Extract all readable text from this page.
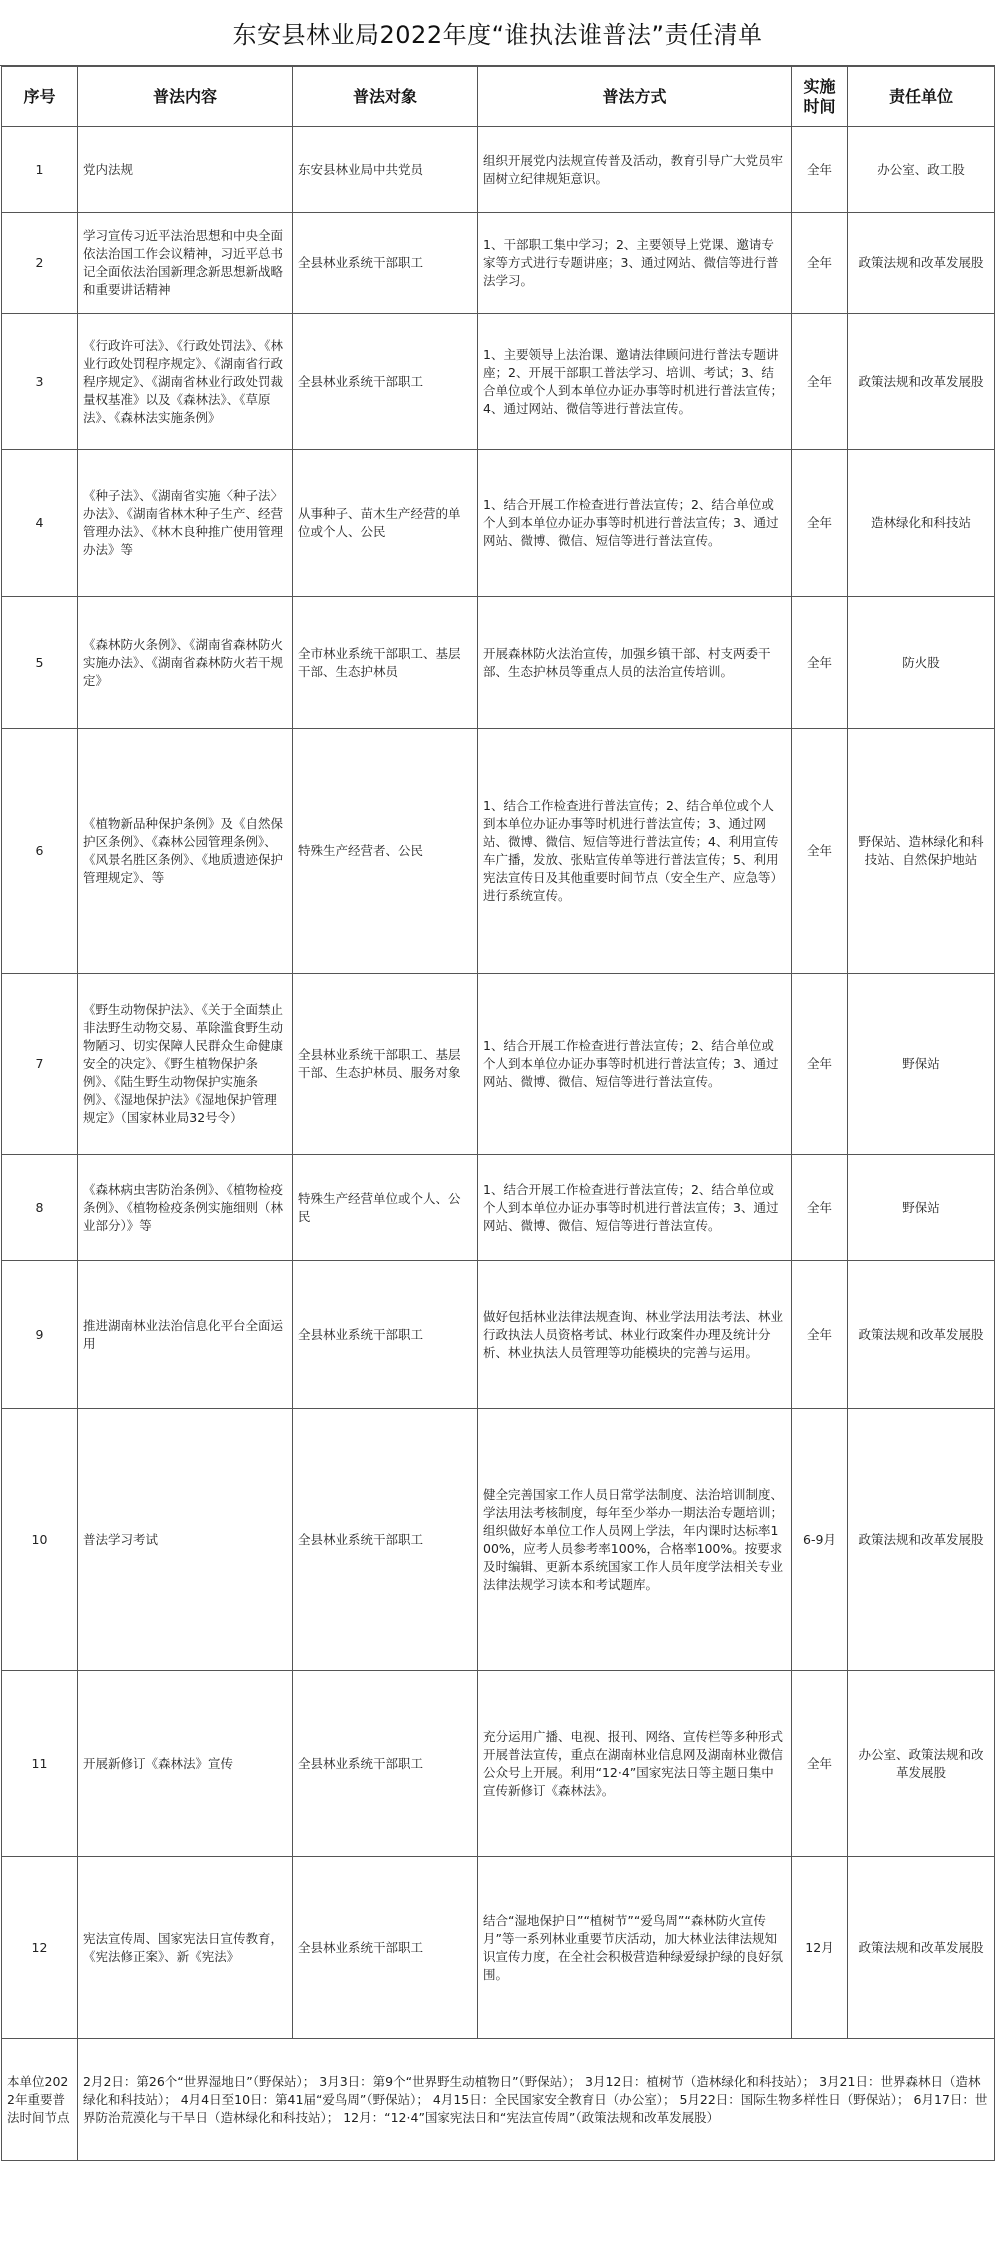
东安县林业局2022年度“谁执法谁普法”责任清单
序号	普法内容	普法对象	普法方式	实施时间	责任单位
1	党内法规	东安县林业局中共党员	组织开展党内法规宣传普及活动，教育引导广大党员牢固树立纪律规矩意识。	全年	办公室、政工股
2	学习宣传习近平法治思想和中央全面依法治国工作会议精神，习近平总书记全面依法治国新理念新思想新战略和重要讲话精神	全县林业系统干部职工	1、干部职工集中学习；2、主要领导上党课、邀请专家等方式进行专题讲座；3、通过网站、微信等进行普法学习。	全年	政策法规和改革发展股
3	《行政许可法》、《行政处罚法》、《林业行政处罚程序规定》、《湖南省行政程序规定》、《湖南省林业行政处罚裁量权基准》以及《森林法》、《草原法》、《森林法实施条例》	全县林业系统干部职工	1、主要领导上法治课、邀请法律顾问进行普法专题讲座；2、开展干部职工普法学习、培训、考试；3、结合单位或个人到本单位办证办事等时机进行普法宣传；4、通过网站、微信等进行普法宣传。	全年	政策法规和改革发展股
4	《种子法》、《湖南省实施〈种子法〉办法》、《湖南省林木种子生产、经营管理办法》、《林木良种推广使用管理办法》等	从事种子、苗木生产经营的单位或个人、公民	1、结合开展工作检查进行普法宣传；2、结合单位或个人到本单位办证办事等时机进行普法宣传；3、通过网站、微博、微信、短信等进行普法宣传。	全年	造林绿化和科技站
5	《森林防火条例》、《湖南省森林防火实施办法》、《湖南省森林防火若干规定》	全市林业系统干部职工、基层干部、生态护林员	开展森林防火法治宣传，加强乡镇干部、村支两委干部、生态护林员等重点人员的法治宣传培训。	全年	防火股
6	《植物新品种保护条例》及《自然保护区条例》、《森林公园管理条例》、《风景名胜区条例》、《地质遗迹保护管理规定》、等	特殊生产经营者、公民	1、结合工作检查进行普法宣传；2、结合单位或个人到本单位办证办事等时机进行普法宣传；3、通过网站、微博、微信、短信等进行普法宣传；4、利用宣传车广播，发放、张贴宣传单等进行普法宣传；5、利用宪法宣传日及其他重要时间节点（安全生产、应急等）进行系统宣传。	全年	野保站、造林绿化和科技站、自然保护地站
7	《野生动物保护法》、《关于全面禁止非法野生动物交易、革除滥食野生动物陋习、切实保障人民群众生命健康安全的决定》、《野生植物保护条例》、《陆生野生动物保护实施条例》、《湿地保护法》《湿地保护管理规定》（国家林业局32号令）	全县林业系统干部职工、基层干部、生态护林员、服务对象	1、结合开展工作检查进行普法宣传；2、结合单位或个人到本单位办证办事等时机进行普法宣传；3、通过网站、微博、微信、短信等进行普法宣传。	全年	野保站
8	《森林病虫害防治条例》、《植物检疫条例》、《植物检疫条例实施细则（林业部分）》等	特殊生产经营单位或个人、公民	1、结合开展工作检查进行普法宣传；2、结合单位或个人到本单位办证办事等时机进行普法宣传；3、通过网站、微博、微信、短信等进行普法宣传。	全年	野保站
9	推进湖南林业法治信息化平台全面运用	全县林业系统干部职工	做好包括林业法律法规查询、林业学法用法考法、林业行政执法人员资格考试、林业行政案件办理及统计分析、林业执法人员管理等功能模块的完善与运用。	全年	政策法规和改革发展股
10	普法学习考试	全县林业系统干部职工	健全完善国家工作人员日常学法制度、法治培训制度、学法用法考核制度，每年至少举办一期法治专题培训；组织做好本单位工作人员网上学法，年内课时达标率100%，应考人员参考率100%，合格率100%。按要求及时编辑、更新本系统国家工作人员年度学法相关专业法律法规学习读本和考试题库。	6-9月	政策法规和改革发展股
11	开展新修订《森林法》宣传	全县林业系统干部职工	充分运用广播、电视、报刊、网络、宣传栏等多种形式开展普法宣传，重点在湖南林业信息网及湖南林业微信公众号上开展。利用“12·4”国家宪法日等主题日集中宣传新修订《森林法》。	全年	办公室、政策法规和改革发展股
12	宪法宣传周、国家宪法日宣传教育，《宪法修正案》、新《宪法》	全县林业系统干部职工	结合“湿地保护日”“植树节”“爱鸟周”“森林防火宣传月”等一系列林业重要节庆活动，加大林业法律法规知识宣传力度，在全社会积极营造种绿爱绿护绿的良好氛围。	12月	政策法规和改革发展股
本单位2022年重要普法时间节点	2月2日：第26个“世界湿地日”（野保站）； 3月3日：第9个“世界野生动植物日”（野保站）； 3月12日：植树节（造林绿化和科技站）； 3月21日：世界森林日（造林绿化和科技站）； 4月4日至10日：第41届“爱鸟周”（野保站）； 4月15日：全民国家安全教育日（办公室）； 5月22日：国际生物多样性日（野保站）； 6月17日：世界防治荒漠化与干旱日（造林绿化和科技站）； 12月：“12·4”国家宪法日和“宪法宣传周”（政策法规和改革发展股）				
